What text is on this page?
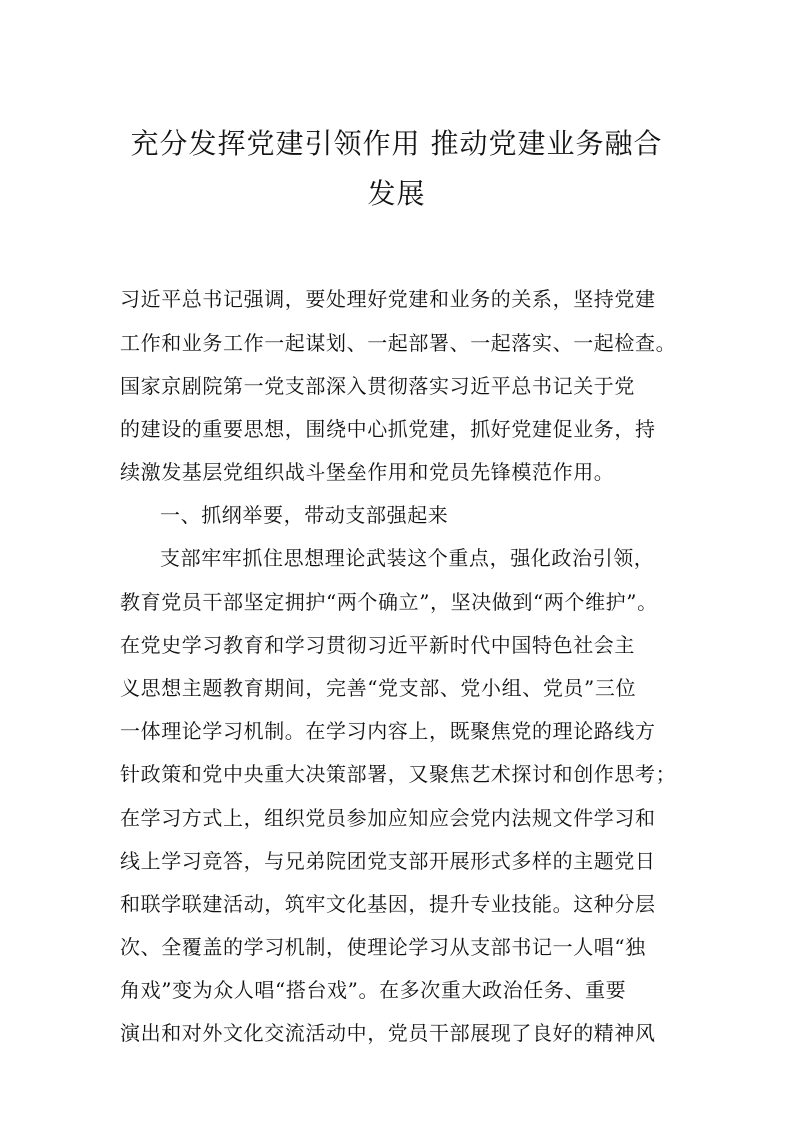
充分发挥党建引领作用 推动党建业务融合
发展

习近平总书记强调，要处理好党建和业务的关系，坚持党建

工作和业务工作一起谋划、一起部署、一起落实、一起检查。

国家京剧院第一党支部深入贯彻落实习近平总书记关于党

的建设的重要思想，围绕中心抓党建，抓好党建促业务，持

续激发基层党组织战斗堡垒作用和党员先锋模范作用。

一、抓纲举要，带动支部强起来

支部牢牢抓住思想理论武装这个重点，强化政治引领，

教育党员干部坚定拥护“两个确立”，坚决做到“两个维护”。

在党史学习教育和学习贯彻习近平新时代中国特色社会主

义思想主题教育期间，完善“党支部、党小组、党员”三位

一体理论学习机制。在学习内容上，既聚焦党的理论路线方

针政策和党中央重大决策部署，又聚焦艺术探讨和创作思考；

在学习方式上，组织党员参加应知应会党内法规文件学习和

线上学习竞答，与兄弟院团党支部开展形式多样的主题党日

和联学联建活动，筑牢文化基因，提升专业技能。这种分层

次、全覆盖的学习机制，使理论学习从支部书记一人唱“独

角戏”变为众人唱“搭台戏”。在多次重大政治任务、重要

演出和对外文化交流活动中，党员干部展现了良好的精神风
